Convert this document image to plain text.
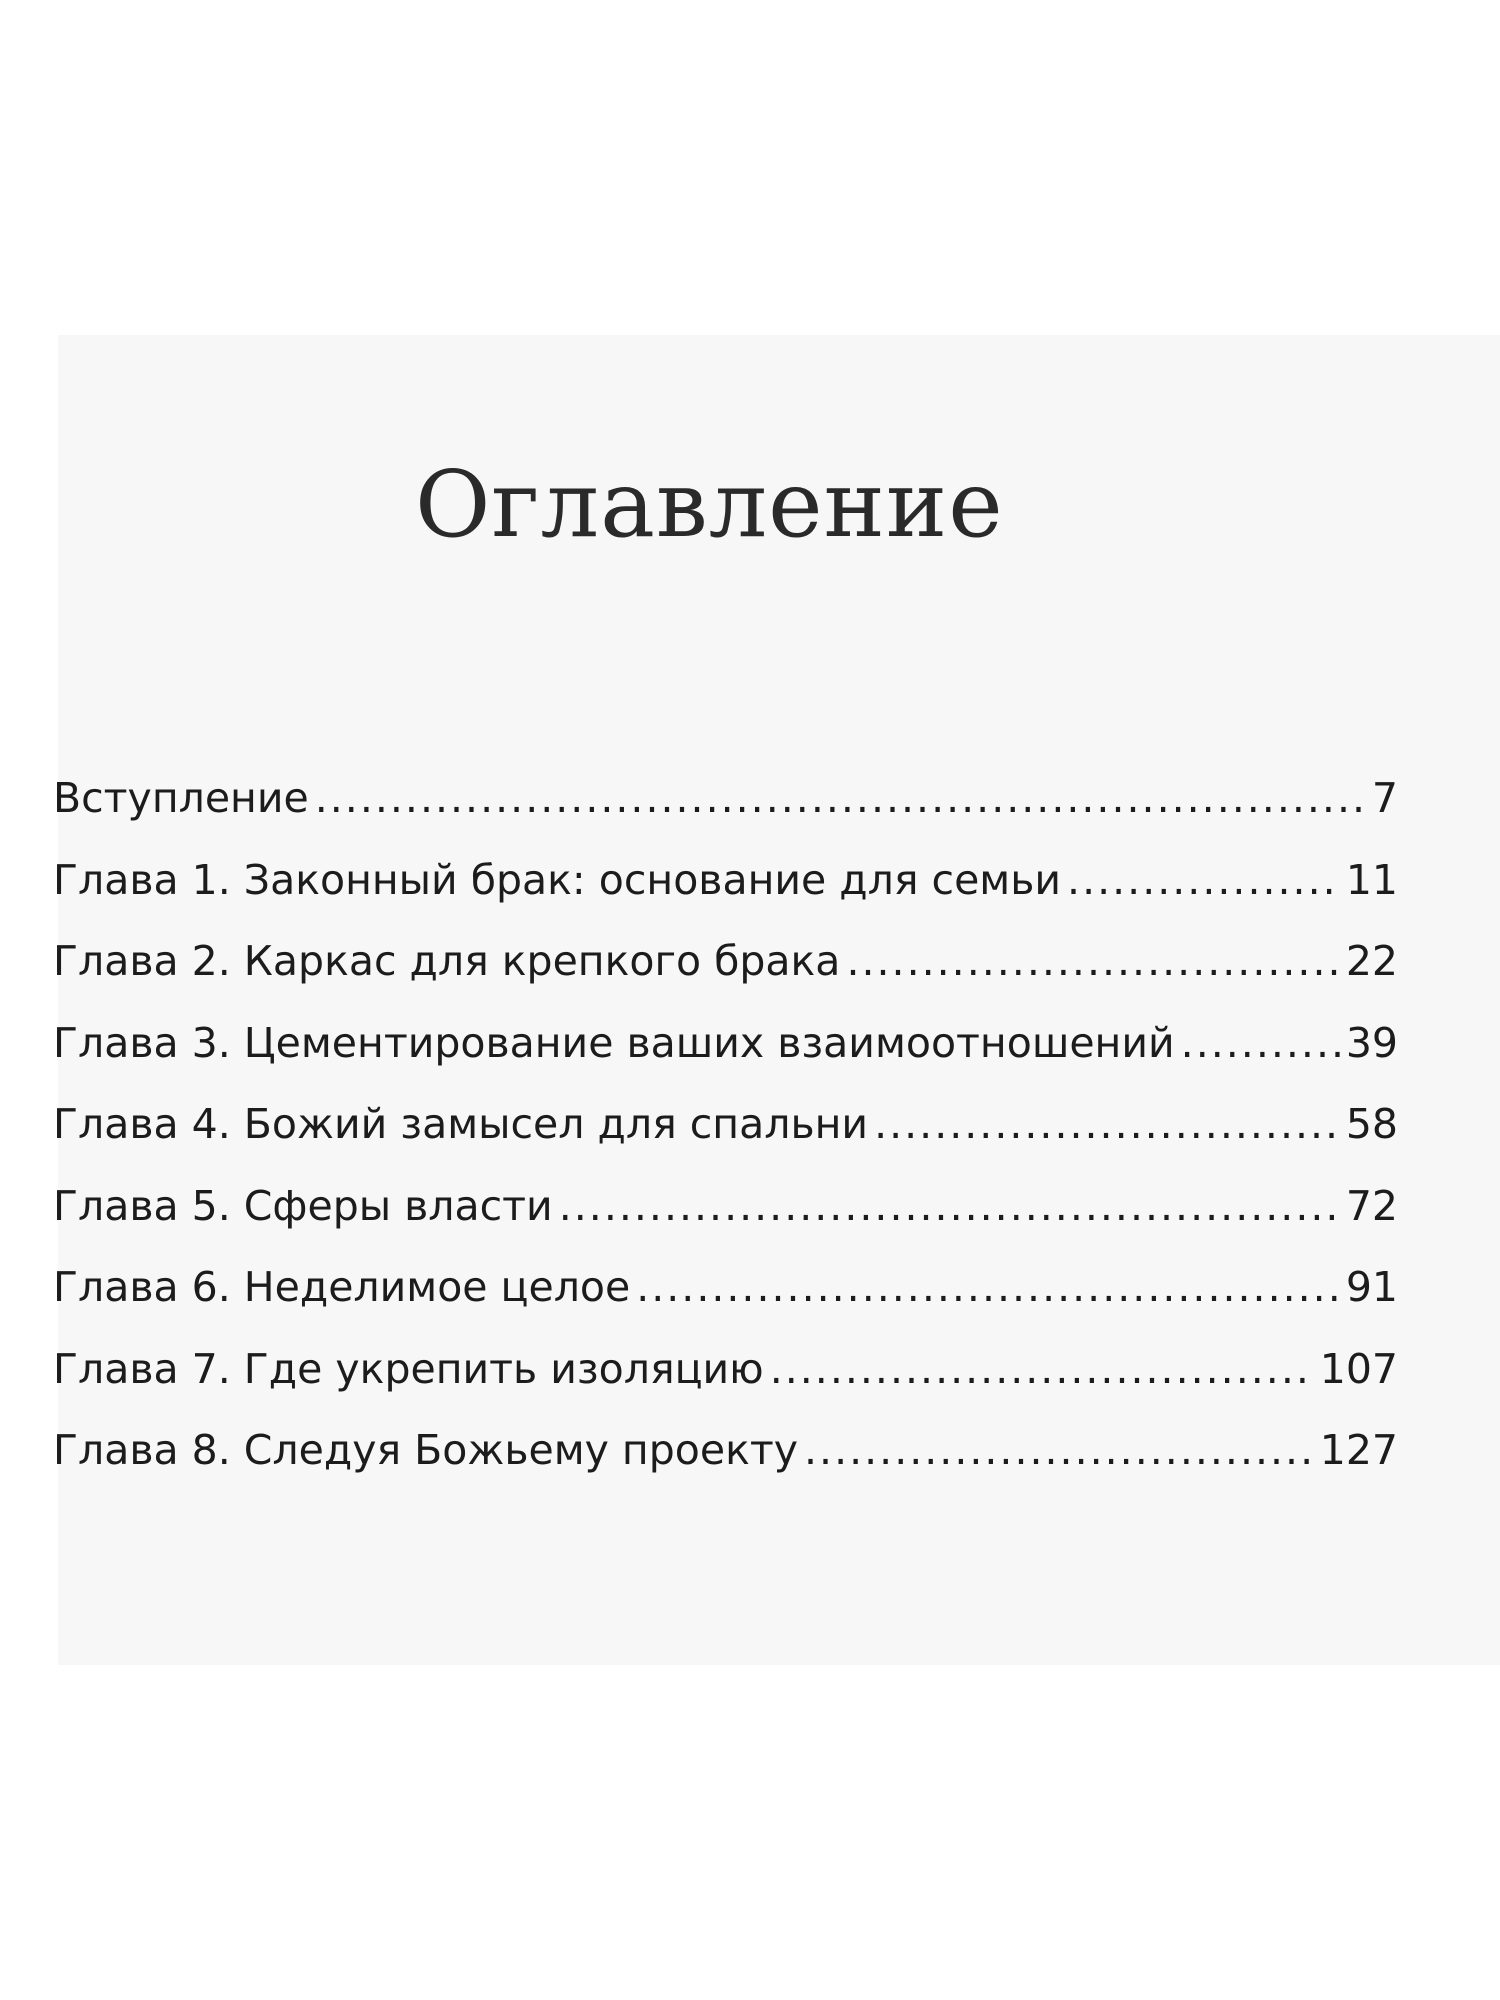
Оглавление
Вступление .....	7
Глава 1. Законный брак: основание для семьи .....	11
Глава 2. Каркас для крепкого брака .....	22
Глава 3. Цементирование ваших взаимоотношений .....	39
Глава 4. Божий замысел для спальни .....	58
Глава 5. Сферы власти .....	72
Глава 6. Неделимое целое .....	91
Глава 7. Где укрепить изоляцию .....	107
Глава 8. Следуя Божьему проекту .....	127
